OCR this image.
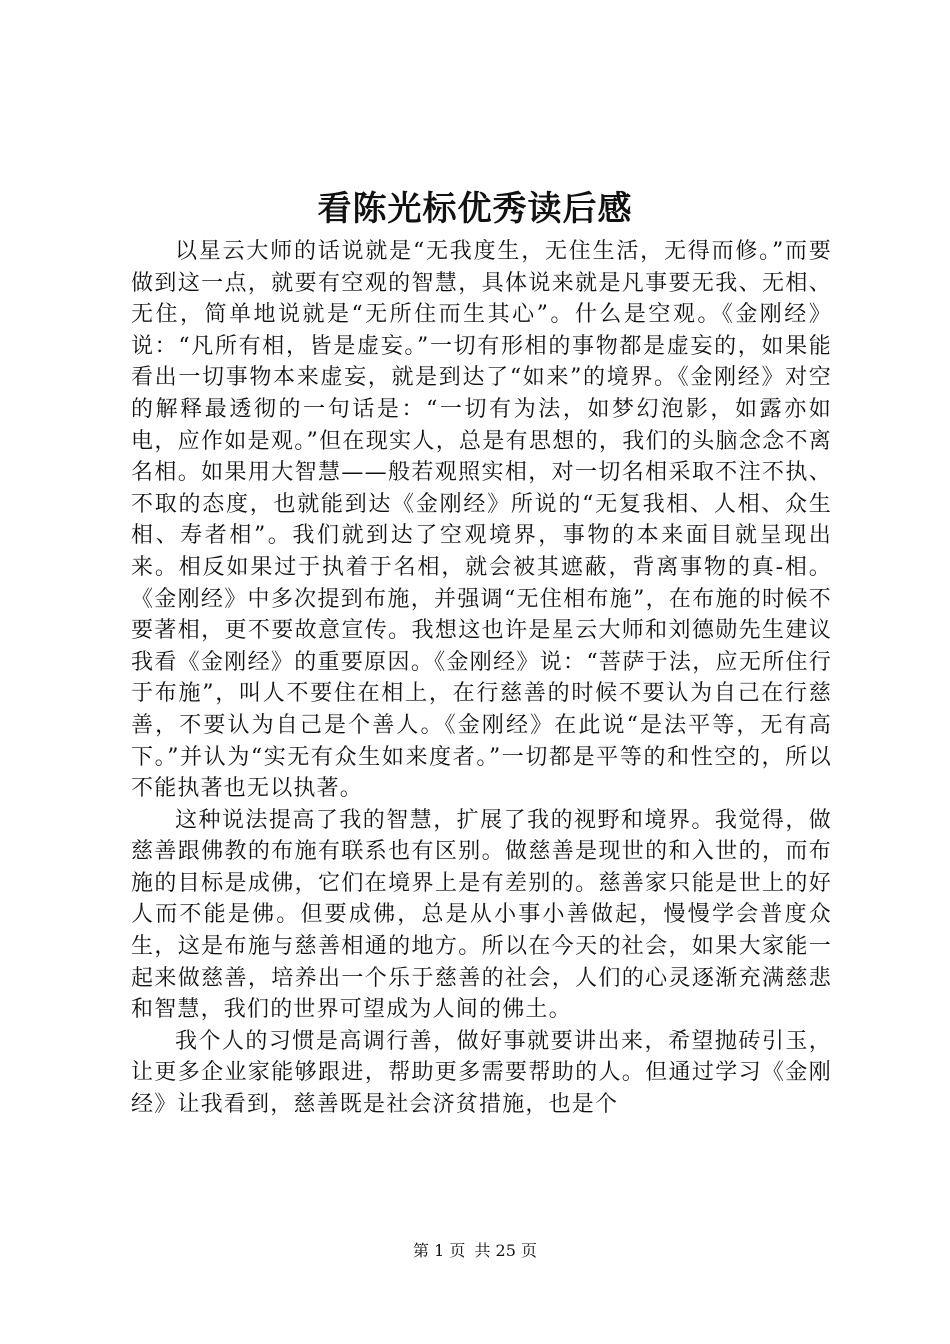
看陈光标优秀读后感

以星云大师的话说就是“无我度生，无住生活，无得而修。”而要做到这一点，就要有空观的智慧，具体说来就是凡事要无我、无相、无住，简单地说就是“无所住而生其心”。什么是空观。《金刚经》说：“凡所有相，皆是虚妄。”一切有形相的事物都是虚妄的，如果能看出一切事物本来虚妄，就是到达了“如来”的境界。《金刚经》对空的解释最透彻的一句话是：“一切有为法，如梦幻泡影，如露亦如电，应作如是观。”但在现实人，总是有思想的，我们的头脑念念不离名相。如果用大智慧——般若观照实相，对一切名相采取不注不执、不取的态度，也就能到达《金刚经》所说的“无复我相、人相、众生相、寿者相”。我们就到达了空观境界，事物的本来面目就呈现出来。相反如果过于执着于名相，就会被其遮蔽，背离事物的真-相。《金刚经》中多次提到布施，并强调“无住相布施”，在布施的时候不要著相，更不要故意宣传。我想这也许是星云大师和刘德勋先生建议我看《金刚经》的重要原因。《金刚经》说：“菩萨于法，应无所住行于布施”，叫人不要住在相上，在行慈善的时候不要认为自己在行慈善，不要认为自己是个善人。《金刚经》在此说“是法平等，无有高下。”并认为“实无有众生如来度者。”一切都是平等的和性空的，所以不能执著也无以执著。

这种说法提高了我的智慧，扩展了我的视野和境界。我觉得，做慈善跟佛教的布施有联系也有区别。做慈善是现世的和入世的，而布施的目标是成佛，它们在境界上是有差别的。慈善家只能是世上的好人而不能是佛。但要成佛，总是从小事小善做起，慢慢学会普度众生，这是布施与慈善相通的地方。所以在今天的社会，如果大家能一起来做慈善，培养出一个乐于慈善的社会，人们的心灵逐渐充满慈悲和智慧，我们的世界可望成为人间的佛土。

我个人的习惯是高调行善，做好事就要讲出来，希望抛砖引玉，让更多企业家能够跟进，帮助更多需要帮助的人。但通过学习《金刚经》让我看到，慈善既是社会济贫措施，也是个

第 1 页 共 25 页
